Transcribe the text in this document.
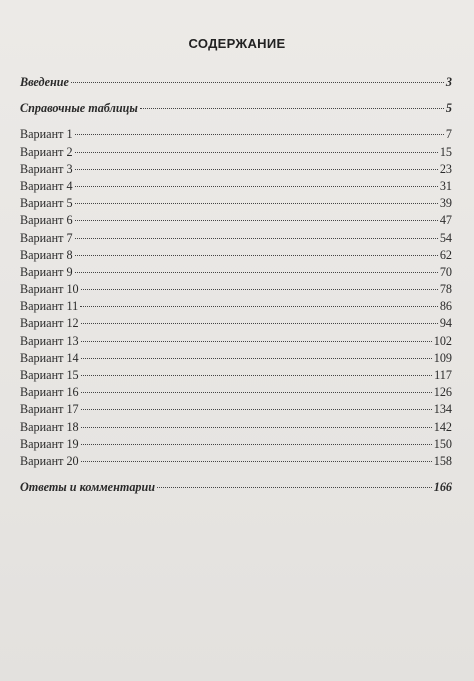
СОДЕРЖАНИЕ
Введение	3
Справочные таблицы	5
Вариант 1	7
Вариант 2	15
Вариант 3	23
Вариант 4	31
Вариант 5	39
Вариант 6	47
Вариант 7	54
Вариант 8	62
Вариант 9	70
Вариант 10	78
Вариант 11	86
Вариант 12	94
Вариант 13	102
Вариант 14	109
Вариант 15	117
Вариант 16	126
Вариант 17	134
Вариант 18	142
Вариант 19	150
Вариант 20	158
Ответы и комментарии	166
